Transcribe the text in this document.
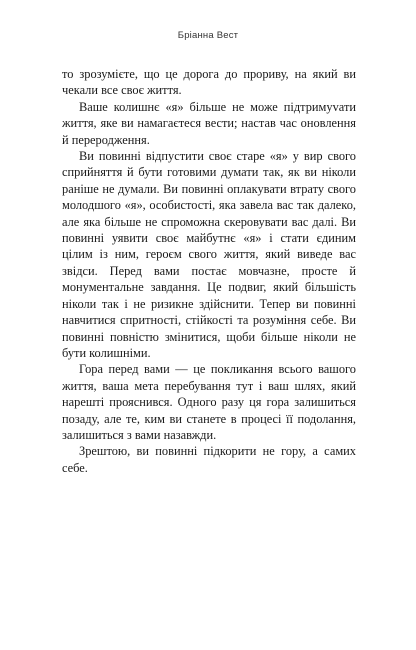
Бріанна Вест

то зрозумієте, що це дорога до прориву, на який ви чекали все своє життя.

Ваше колишнє «я» більше не може підтримуvати життя, яке ви намагаєтеся вести; настав час оновлення й переродження.

Ви повинні відпустити своє старе «я» у вир свого сприйняття й бути готовими думати так, як ви ніколи раніше не думали. Ви повинні оплакувати втрату свого молодшого «я», особистості, яка завела вас так далеко, але яка більше не спроможна скеровувати вас далі. Ви повинні уявити своє майбутнє «я» і стати єдиним цілим із ним, героєм свого життя, який виведе вас звідси. Перед вами постає мовчазне, просте й монументальне завдання. Це подвиг, який більшість ніколи так і не ризикне здійснити. Тепер ви повинні навчитися спритності, стійкості та розуміння себе. Ви повинні повністю змінитися, щоби більше ніколи не бути колишніми.

Гора перед вами — це покликання всього вашого життя, ваша мета перебування тут і ваш шлях, який нарешті прояснився. Одного разу ця гора залишиться позаду, але те, ким ви станете в процесі її подолання, залишиться з вами назавжди.

Зрештою, ви повинні підкорити не гору, а самих себе.
